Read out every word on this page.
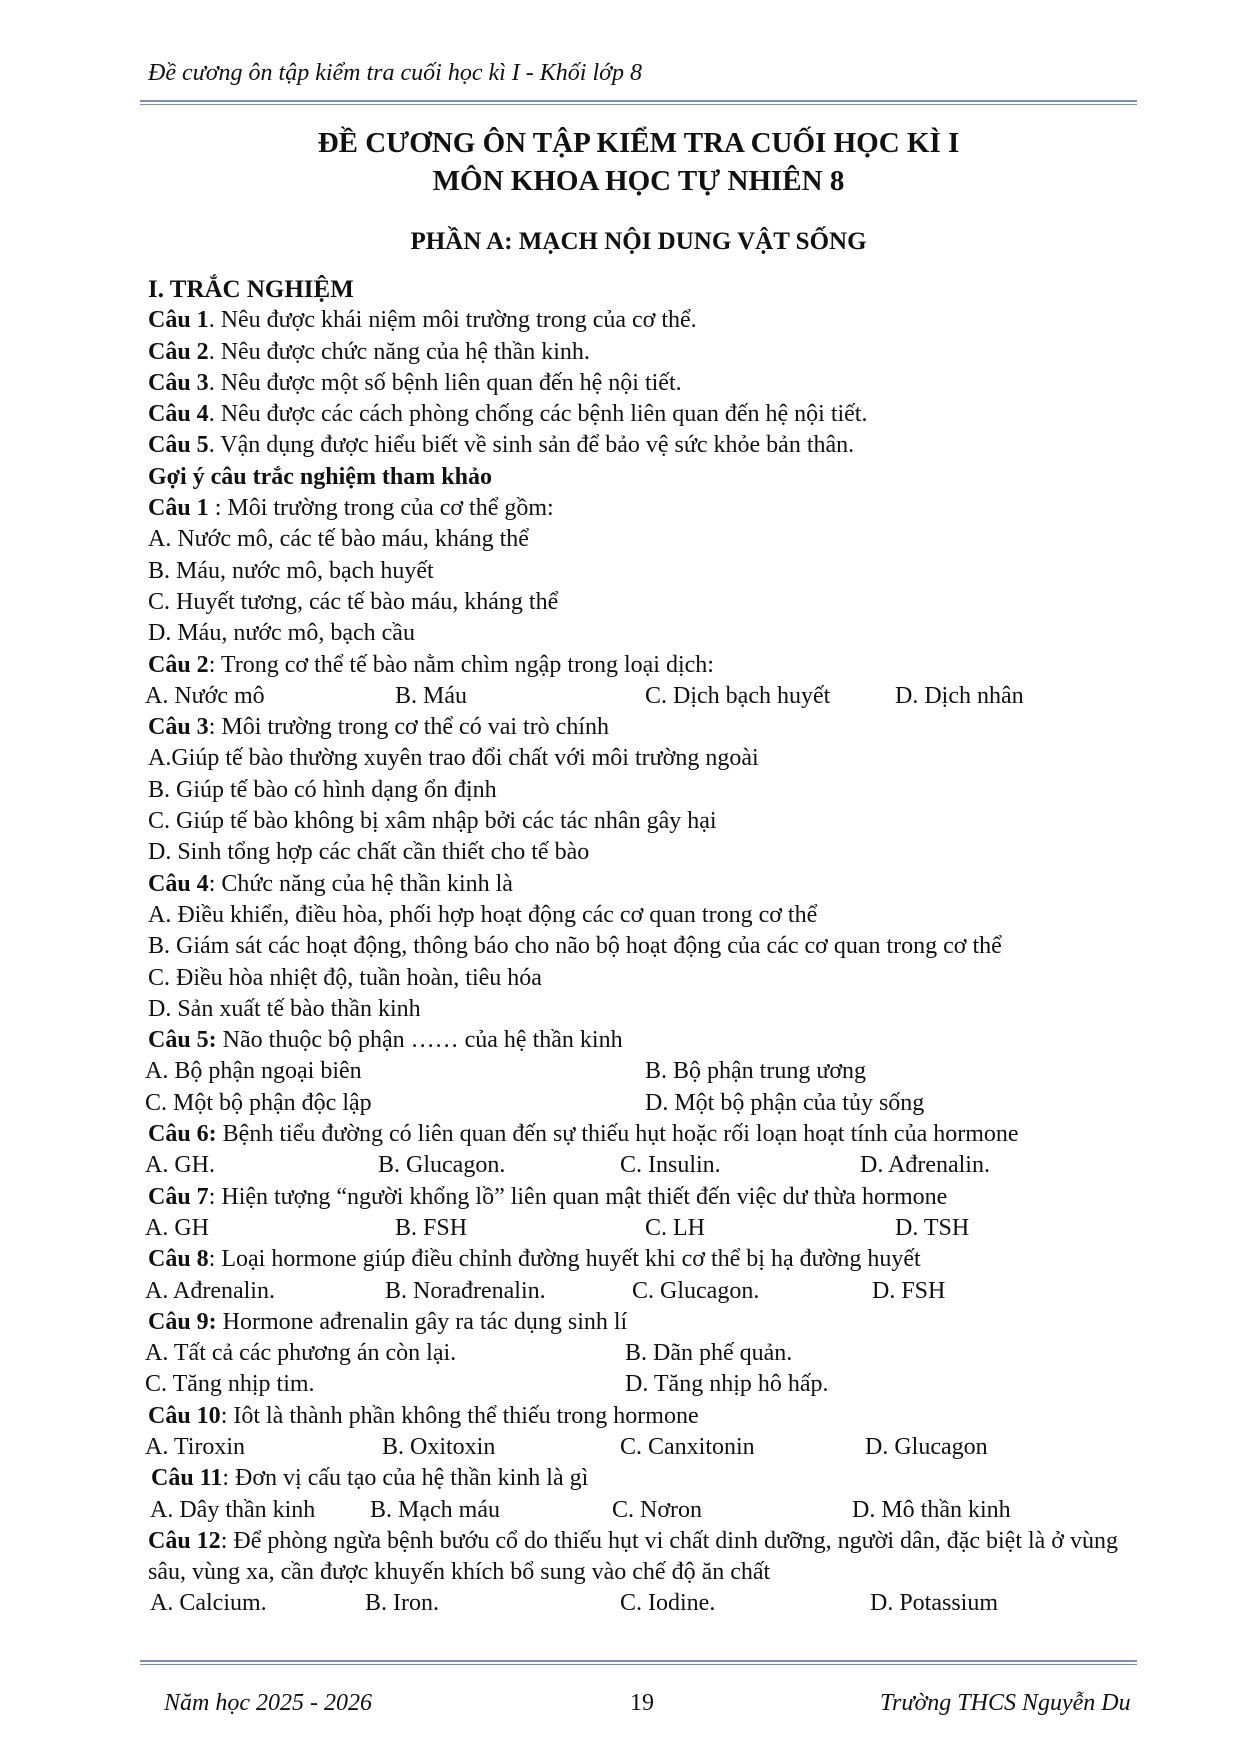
Đề cương ôn tập kiểm tra cuối học kì I - Khối lớp 8
ĐỀ CƯƠNG ÔN TẬP KIỂM TRA CUỐI HỌC KÌ I
MÔN KHOA HỌC TỰ NHIÊN 8
PHẦN A: MẠCH NỘI DUNG VẬT SỐNG
I. TRẮC NGHIỆM
Câu 1. Nêu được khái niệm môi trường trong của cơ thể.
Câu 2. Nêu được chức năng của hệ thần kinh.
Câu 3. Nêu được một số bệnh liên quan đến hệ nội tiết.
Câu 4. Nêu được các cách phòng chống các bệnh liên quan đến hệ nội tiết.
Câu 5. Vận dụng được hiểu biết về sinh sản để bảo vệ sức khỏe bản thân.
Gợi ý câu trắc nghiệm tham khảo
Câu 1 : Môi trường trong của cơ thể gồm:
A. Nước mô, các tế bào máu, kháng thể
B. Máu, nước mô, bạch huyết
C. Huyết tương, các tế bào máu, kháng thể
D. Máu, nước mô, bạch cầu
Câu 2: Trong cơ thể tế bào nằm chìm ngập trong loại dịch:
A. Nước mô	B. Máu	C. Dịch bạch huyết	D. Dịch nhân
Câu 3: Môi trường trong cơ thể có vai trò chính
A.Giúp tế bào thường xuyên trao đổi chất với môi trường ngoài
B. Giúp tế bào có hình dạng ổn định
C. Giúp tế bào không bị xâm nhập bởi các tác nhân gây hại
D. Sinh tổng hợp các chất cần thiết cho tế bào
Câu 4: Chức năng của hệ thần kinh là
A. Điều khiển, điều hòa, phối hợp hoạt động các cơ quan trong cơ thể
B. Giám sát các hoạt động, thông báo cho não bộ hoạt động của các cơ quan trong cơ thể
C. Điều hòa nhiệt độ, tuần hoàn, tiêu hóa
D. Sản xuất tế bào thần kinh
Câu 5: Não thuộc bộ phận …… của hệ thần kinh
A. Bộ phận ngoại biên	B. Bộ phận trung ương
C. Một bộ phận độc lập	D. Một bộ phận của tủy sống
Câu 6: Bệnh tiểu đường có liên quan đến sự thiếu hụt hoặc rối loạn hoạt tính của hormone
A. GH.	B. Glucagon.	C. Insulin.	D. Ađrenalin.
Câu 7: Hiện tượng “người khổng lồ” liên quan mật thiết đến việc dư thừa hormone
A. GH	B. FSH	C. LH	D. TSH
Câu 8: Loại hormone giúp điều chỉnh đường huyết khi cơ thể bị hạ đường huyết
A. Ađrenalin.	B. Norađrenalin.	C. Glucagon.	D. FSH
Câu 9: Hormone ađrenalin gây ra tác dụng sinh lí
A. Tất cả các phương án còn lại.	B. Dãn phế quản.
C. Tăng nhịp tim.	D. Tăng nhịp hô hấp.
Câu 10: Iôt là thành phần không thể thiếu trong hormone
A. Tiroxin	B. Oxitoxin	C. Canxitonin	D. Glucagon
Câu 11: Đơn vị cấu tạo của hệ thần kinh là gì
A. Dây thần kinh B. Mạch máu	C. Nơron	D. Mô thần kinh
Câu 12: Để phòng ngừa bệnh bướu cổ do thiếu hụt vi chất dinh dưỡng, người dân, đặc biệt là ở vùng sâu, vùng xa, cần được khuyến khích bổ sung vào chế độ ăn chất
A. Calcium.	B. Iron.	C. Iodine.	D. Potassium
Năm học 2025 - 2026	19	Trường THCS Nguyễn Du
